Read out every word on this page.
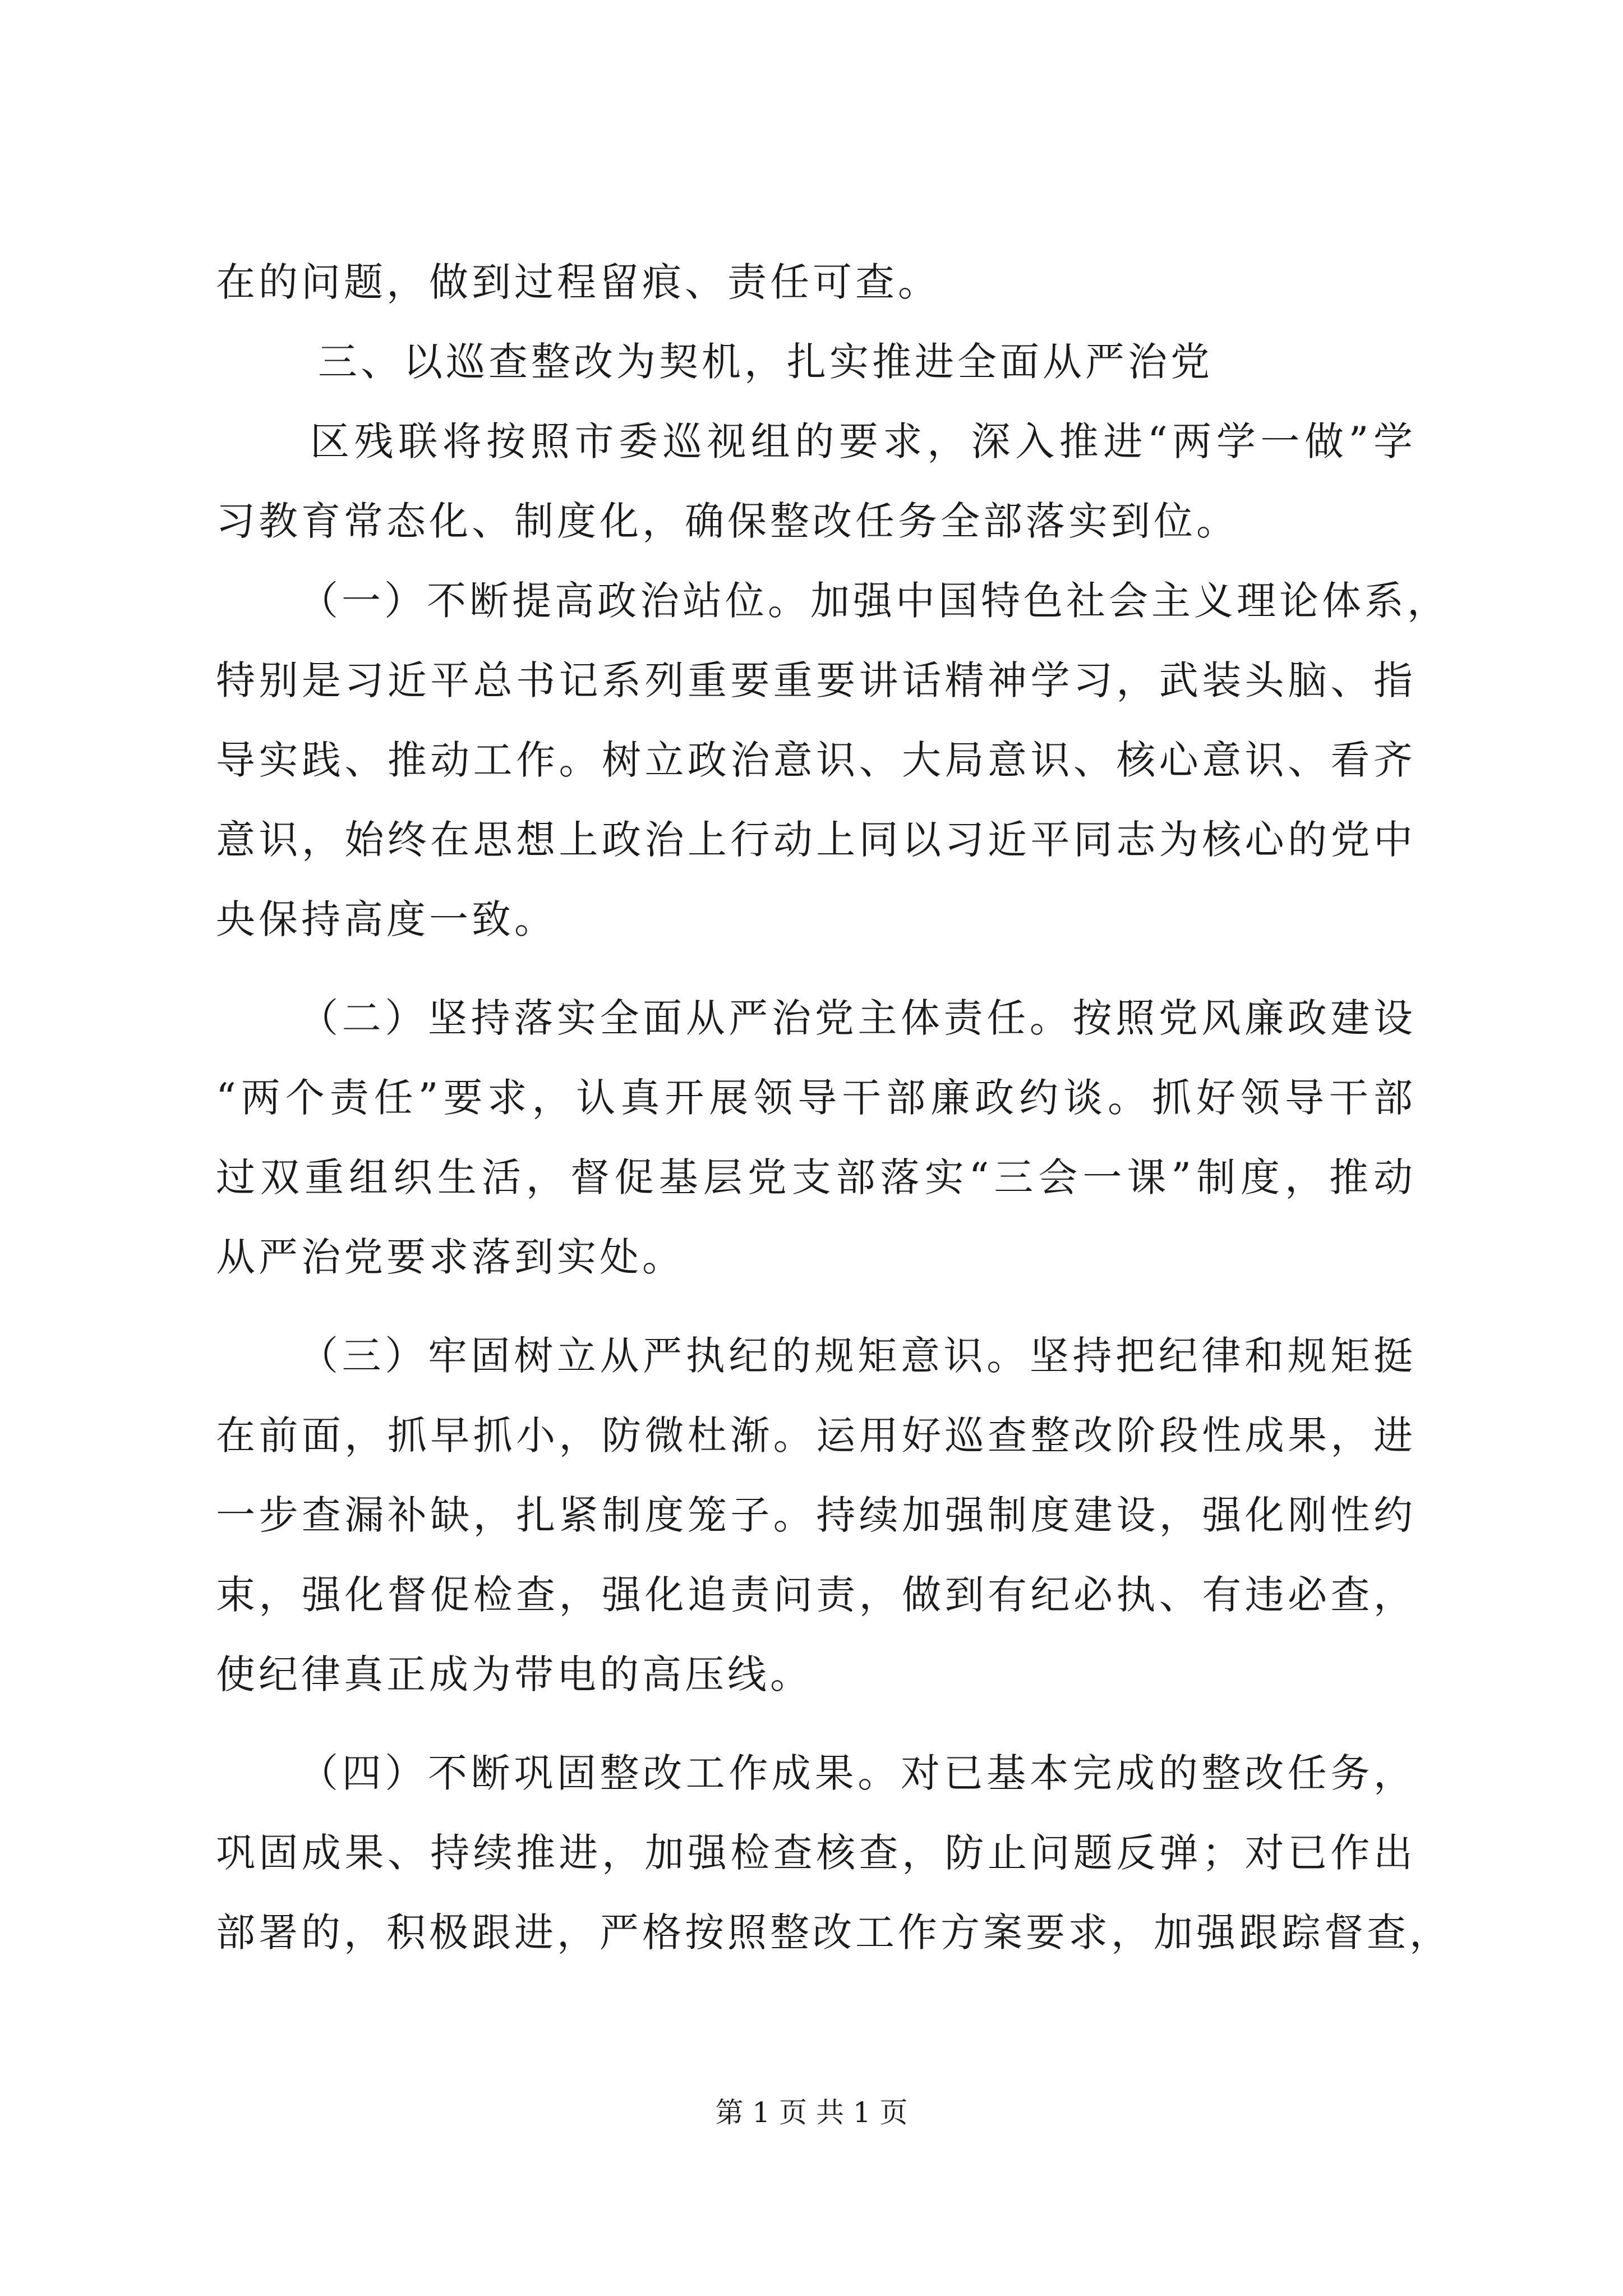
在的问题，做到过程留痕、责任可查。
三、以巡查整改为契机，扎实推进全面从严治党
区残联将按照市委巡视组的要求，深入推进“两学一做”学
习教育常态化、制度化，确保整改任务全部落实到位。
（一）不断提高政治站位。加强中国特色社会主义理论体系，
特别是习近平总书记系列重要重要讲话精神学习，武装头脑、指
导实践、推动工作。树立政治意识、大局意识、核心意识、看齐
意识，始终在思想上政治上行动上同以习近平同志为核心的党中
央保持高度一致。
（二）坚持落实全面从严治党主体责任。按照党风廉政建设
“两个责任”要求，认真开展领导干部廉政约谈。抓好领导干部
过双重组织生活，督促基层党支部落实“三会一课”制度，推动
从严治党要求落到实处。
（三）牢固树立从严执纪的规矩意识。坚持把纪律和规矩挺
在前面，抓早抓小，防微杜渐。运用好巡查整改阶段性成果，进
一步查漏补缺，扎紧制度笼子。持续加强制度建设，强化刚性约
束，强化督促检查，强化追责问责，做到有纪必执、有违必查，
使纪律真正成为带电的高压线。
（四）不断巩固整改工作成果。对已基本完成的整改任务，
巩固成果、持续推进，加强检查核查，防止问题反弹；对已作出
部署的，积极跟进，严格按照整改工作方案要求，加强跟踪督查，
第 1 页 共 1 页
